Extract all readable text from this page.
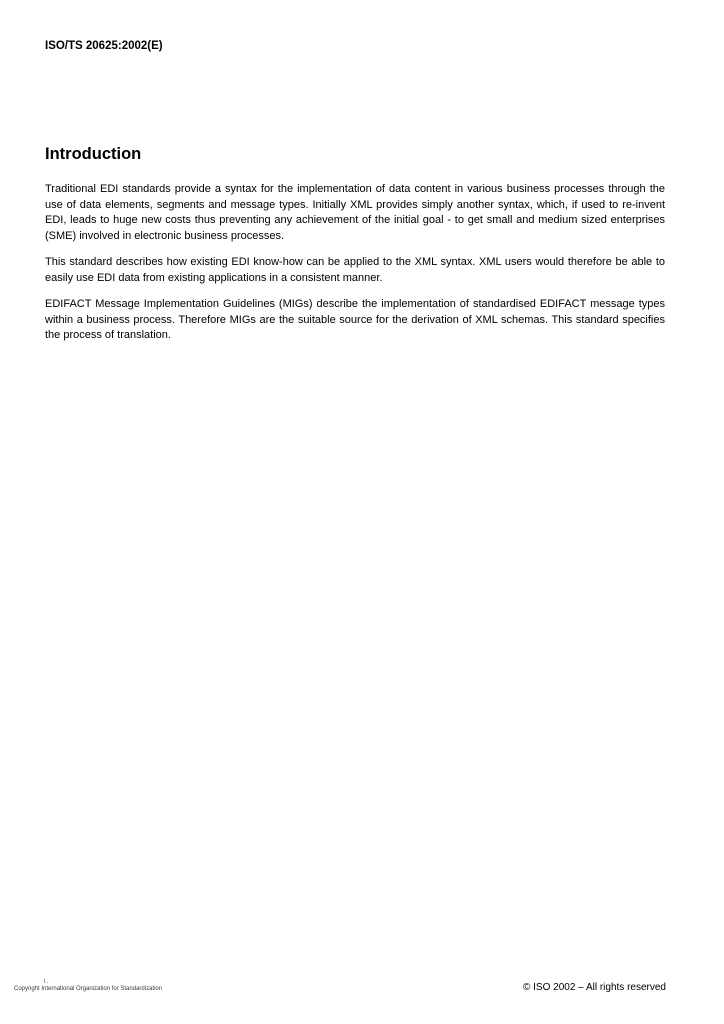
ISO/TS 20625:2002(E)
Introduction

Traditional EDI standards provide a syntax for the implementation of data content in various business processes through the use of data elements, segments and message types. Initially XML provides simply another syntax, which, if used to re-invent EDI, leads to huge new costs thus preventing any achievement of the initial goal - to get small and medium sized enterprises (SME) involved in electronic business processes.

This standard describes how existing EDI know-how can be applied to the XML syntax. XML users would therefore be able to easily use EDI data from existing applications in a consistent manner.

EDIFACT Message Implementation Guidelines (MIGs) describe the implementation of standardised EDIFACT message types within a business process. Therefore MIGs are the suitable source for the derivation of XML schemas. This standard specifies the process of translation.

i.
Copyright International Organization for Standardization	© ISO 2002 – All rights reserved
